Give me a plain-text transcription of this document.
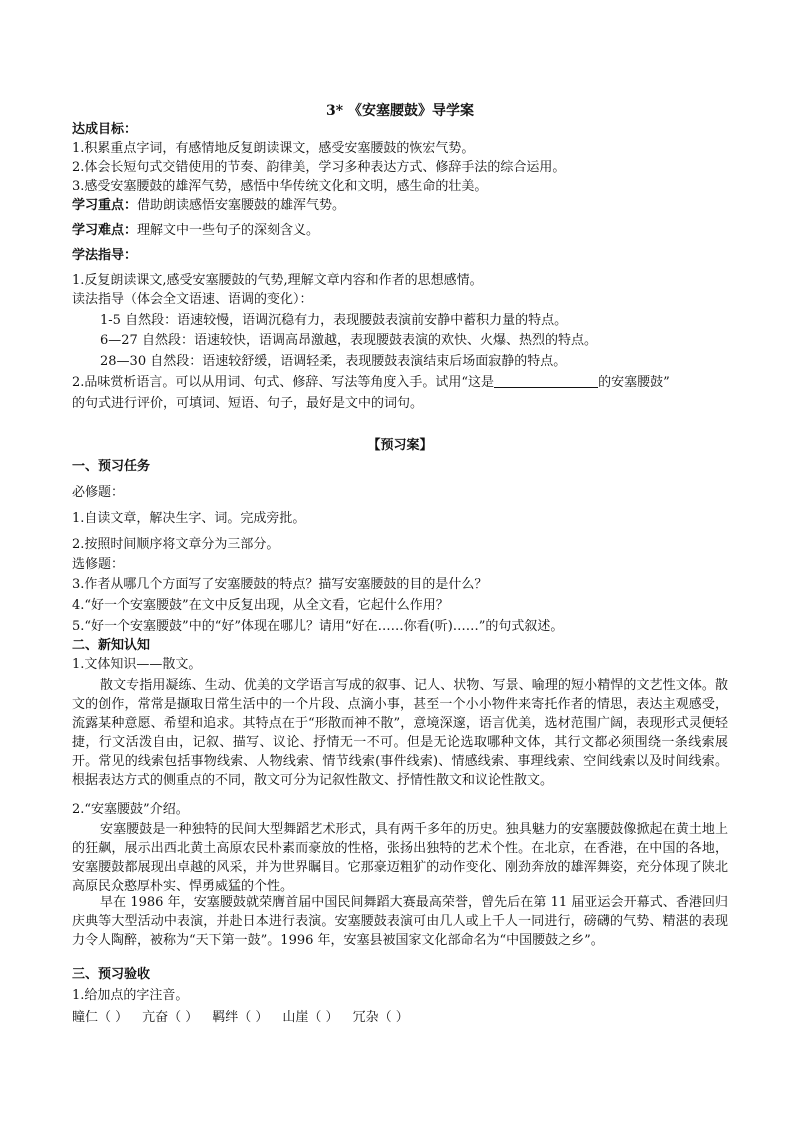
3* 《安塞腰鼓》导学案
达成目标：
1.积累重点字词，有感情地反复朗读课文，感受安塞腰鼓的恢宏气势。
2.体会长短句式交错使用的节奏、韵律美，学习多种表达方式、修辞手法的综合运用。
3.感受安塞腰鼓的雄浑气势，感悟中华传统文化和文明，感生命的壮美。
学习重点：借助朗读感悟安塞腰鼓的雄浑气势。
学习难点：理解文中一些句子的深刻含义。
学法指导：
1.反复朗读课文,感受安塞腰鼓的气势,理解文章内容和作者的思想感情。
读法指导（体会全文语速、语调的变化）：
1-5 自然段：语速较慢，语调沉稳有力，表现腰鼓表演前安静中蓄积力量的特点。
6—27 自然段：语速较快，语调高昂激越，表现腰鼓表演的欢快、火爆、热烈的特点。
28—30 自然段：语速较舒缓，语调轻柔，表现腰鼓表演结束后场面寂静的特点。
2.品味赏析语言。可以从用词、句式、修辞、写法等角度入手。试用“这是	的安塞腰鼓”
的句式进行评价，可填词、短语、句子，最好是文中的词句。
【预习案】
一、预习任务
必修题：
1.自读文章，解决生字、词。完成旁批。
2.按照时间顺序将文章分为三部分。
选修题：
3.作者从哪几个方面写了安塞腰鼓的特点？描写安塞腰鼓的目的是什么？
4.“好一个安塞腰鼓”在文中反复出现，从全文看，它起什么作用？
5.“好一个安塞腰鼓”中的“好”体现在哪儿？请用“好在……你看(听)……”的句式叙述。
二、新知认知
1.文体知识——散文。
散文专指用凝练、生动、优美的文学语言写成的叙事、记人、状物、写景、喻理的短小精悍的文艺性文体。散文的创作，常常是撷取日常生活中的一个片段、点滴小事，甚至一个小小物件来寄托作者的情思，表达主观感受，流露某种意愿、希望和追求。其特点在于“形散而神不散”，意境深邃，语言优美，选材范围广阔，表现形式灵便轻捷，行文活泼自由，记叙、描写、议论、抒情无一不可。但是无论选取哪种文体，其行文都必须围绕一条线索展开。常见的线索包括事物线索、人物线索、情节线索(事件线索)、情感线索、事理线索、空间线索以及时间线索。根据表达方式的侧重点的不同，散文可分为记叙性散文、抒情性散文和议论性散文。
2.“安塞腰鼓”介绍。
安塞腰鼓是一种独特的民间大型舞蹈艺术形式，具有两千多年的历史。独具魅力的安塞腰鼓像掀起在黄土地上的狂飙，展示出西北黄土高原农民朴素而豪放的性格，张扬出独特的艺术个性。在北京，在香港，在中国的各地，安塞腰鼓都展现出卓越的风采，并为世界瞩目。它那豪迈粗犷的动作变化、刚劲奔放的雄浑舞姿，充分体现了陕北高原民众憨厚朴实、悍勇威猛的个性。
早在 1986 年，安塞腰鼓就荣膺首届中国民间舞蹈大赛最高荣誉，曾先后在第 11 届亚运会开幕式、香港回归庆典等大型活动中表演，并赴日本进行表演。安塞腰鼓表演可由几人或上千人一同进行，磅礴的气势、精湛的表现力令人陶醉，被称为“天下第一鼓”。1996 年，安塞县被国家文化部命名为“中国腰鼓之乡”。
三、预习验收
1.给加点的字注音。
瞳仁（ ） 亢奋（ ） 羁绊（ ） 山崖（ ） 冗杂（ ）
